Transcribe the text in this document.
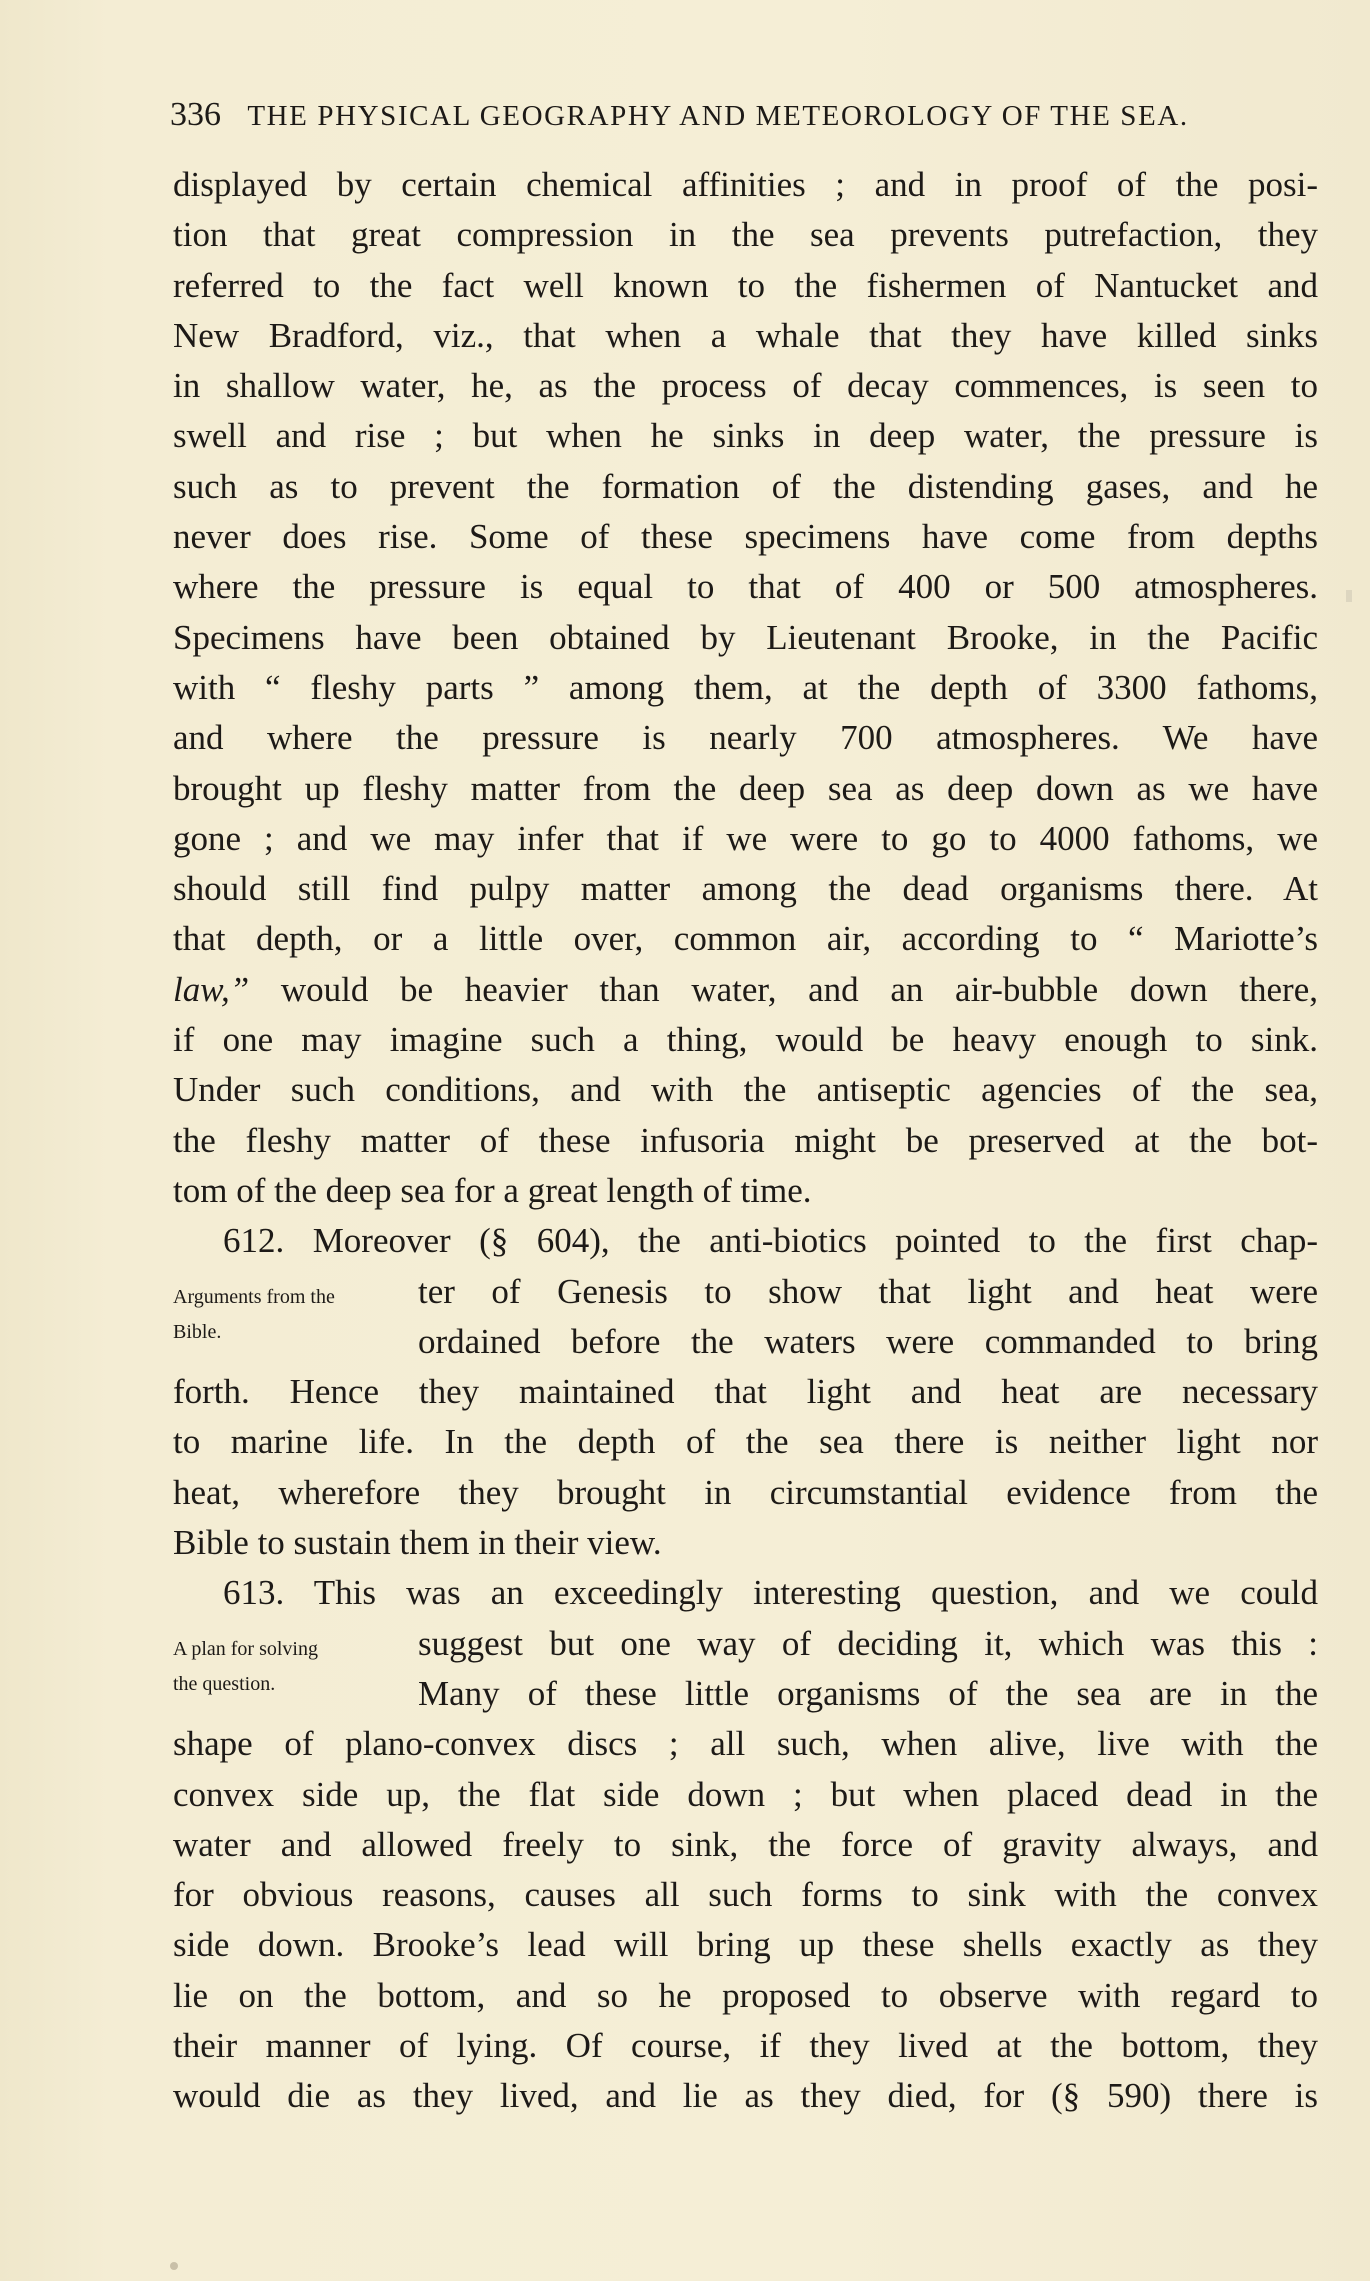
336 THE PHYSICAL GEOGRAPHY AND METEOROLOGY OF THE SEA.
displayed by certain chemical affinities ; and in proof of the posi-
tion that great compression in the sea prevents putrefaction, they
referred to the fact well known to the fishermen of Nantucket and
New Bradford, viz., that when a whale that they have killed sinks
in shallow water, he, as the process of decay commences, is seen to
swell and rise ; but when he sinks in deep water, the pressure is
such as to prevent the formation of the distending gases, and he
never does rise. Some of these specimens have come from depths
where the pressure is equal to that of 400 or 500 atmospheres.
Specimens have been obtained by Lieutenant Brooke, in the Pacific
with “ fleshy parts ” among them, at the depth of 3300 fathoms,
and where the pressure is nearly 700 atmospheres. We have
brought up fleshy matter from the deep sea as deep down as we have
gone ; and we may infer that if we were to go to 4000 fathoms, we
should still find pulpy matter among the dead organisms there. At
that depth, or a little over, common air, according to “ Mariotte’s
law,” would be heavier than water, and an air-bubble down there,
if one may imagine such a thing, would be heavy enough to sink.
Under such conditions, and with the antiseptic agencies of the sea,
the fleshy matter of these infusoria might be preserved at the bot-
tom of the deep sea for a great length of time.
612. Moreover (§ 604), the anti-biotics pointed to the first chap-
Arguments from the	ter of Genesis to show that light and heat were
Bible.	ordained before the waters were commanded to bring
forth. Hence they maintained that light and heat are necessary
to marine life. In the depth of the sea there is neither light nor
heat, wherefore they brought in circumstantial evidence from the
Bible to sustain them in their view.
613. This was an exceedingly interesting question, and we could
A plan for solving	suggest but one way of deciding it, which was this :
the question.	Many of these little organisms of the sea are in the
shape of plano-convex discs ; all such, when alive, live with the
convex side up, the flat side down ; but when placed dead in the
water and allowed freely to sink, the force of gravity always, and
for obvious reasons, causes all such forms to sink with the convex
side down. Brooke’s lead will bring up these shells exactly as they
lie on the bottom, and so he proposed to observe with regard to
their manner of lying. Of course, if they lived at the bottom, they
would die as they lived, and lie as they died, for (§ 590) there is
